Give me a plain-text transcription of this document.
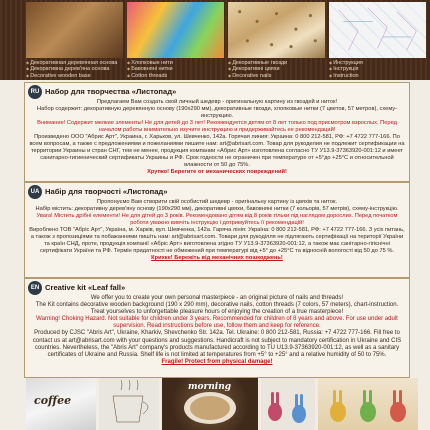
◆ Декоративная деревянная основа
◆ Декоративна дерев'яна основа
◆ Decorative wooden base
◆ Хлопковые нити
◆ Бавовняні нитки
◆ Cotton threads
◆ Декоративные гвозди
◆ Декоративні цвяхи
◆ Decorative nails
◆ Инструкция
◆ Інструкція
◆ Instruction
RU Набор для творчества «Листопад»

Предлагаем Вам создать свой личный шедевр - оригинальную картину из гвоздей и ниток!

Набор содержит: декоративную деревянную основу (190х290 мм), декоративные гвозди, хлопковые нитки (7 цветов, 57 метров), схему-инструкцию.

Внимание! Содержит мелкие элементы! Не для детей до 3 лет! Рекомендуется детям от 8 лет только под присмотром взрослых. Перед началом работы внимательно изучите инструкцию и придерживайтесь ее рекомендаций!

Произведено ООО "Абрис Арт", Украина, г. Харьков, ул. Шевченко, 142а. Горячая линия: Украина: 0 800 212-581, РФ: +7 4722 777-166. По всем вопросам, а также с предложениями и пожеланиями пишите нам: art@abrisart.com. Товар для рукоделия не подлежит сертификации на территории Украины и стран СНГ, тем не менее, продукция компании «Абрис Арт» изготовлена согласно ТУ У13.9-37363920-001:12 и имеет санитарно-гигиенический сертификаты Украины и РФ. Срок годности не ограничен при температуре от +5°до +25°С и относительной влажности от 50 до 75%.

Хрупко! Берегите от механических повреждений!

UA Набір для творчості «Листопад»

Пропонуємо Вам створити свій особистий шедевр - оригінальну картину із цвяхів та ниток.

Набір містить: декоративну дерев'яну основу (190х290 мм), декоративні цвяхи, бавовняні нитки (7 кольорів, 57 метрів), схему-інструкцію.

Увага! Містить дрібні елементи! Не для дітей до 3 років. Рекомендовано дітям від 8 років тільки під наглядом дорослих. Перед початком роботи уважно вивчіть інструкцію і дотримуйтесь її рекомендацій!

Вироблено ТОВ "Абріс Арт", Україна, м. Харків, вул. Шевченка, 142а. Гаряча лінія: Україна: 0 800 212-581, РФ: +7 4722 777-166. З усіх питань, а також з пропозиціями та побажаннями пишіть нам: art@abrisart.com. Товари для рукоділля не підлягають сертифікації на території України та країн СНД, проте, продукція компанії «Абріс Арт» виготовлена згідно ТУ У13.9-37363920-001:12, а також має санітарно-гігієнічні сертифікати України та РФ. Термін придатності не обмежений при температурі від +5° до +25°С та відносній вологості від 50 до 75 %.

Крихке! Бережіть від механічних пошкоджень!

EN Creative kit «Leaf fall»

We offer you to create your own personal masterpiece - an original picture of nails and threads!

The Kit contains decorative wooden background (190 x 290 mm), decorative nails, cotton threads (7 colors, 57 meters), chart-instruction.

Treat yourselves to unforgettable pleasure hours of enjoying the creation of a true masterpiece!

Warning! Choking Hazard. Not suitable for children under 3 years. Recommended for children of 8 years and above. For use under adult supervision. Read instructions before use, follow them and keep for reference.

Produced by CJSC "Abris Art", Ukraine, Kharkiv, Shevchenko Str. 142a. Tel. Ukraine: 0 800 212-581, Russia: +7 4722 777-166. Fill free to contact us at art@abrisart.com with your questions and suggestions. Handicraft is not subject to mandatory certification in Ukraine and CIS countries. Nevertheless, the "Abris Art" company's products manufactured according to TU U13.9-37363920-001:12, as well as a sanitary certificates of Ukraine and Russia. Shelf life is not limited at temperatures from +5° to +25° and a relative humidity of 50 to 75%.

Fragile! Protect from physical damage!

coffee
morning
